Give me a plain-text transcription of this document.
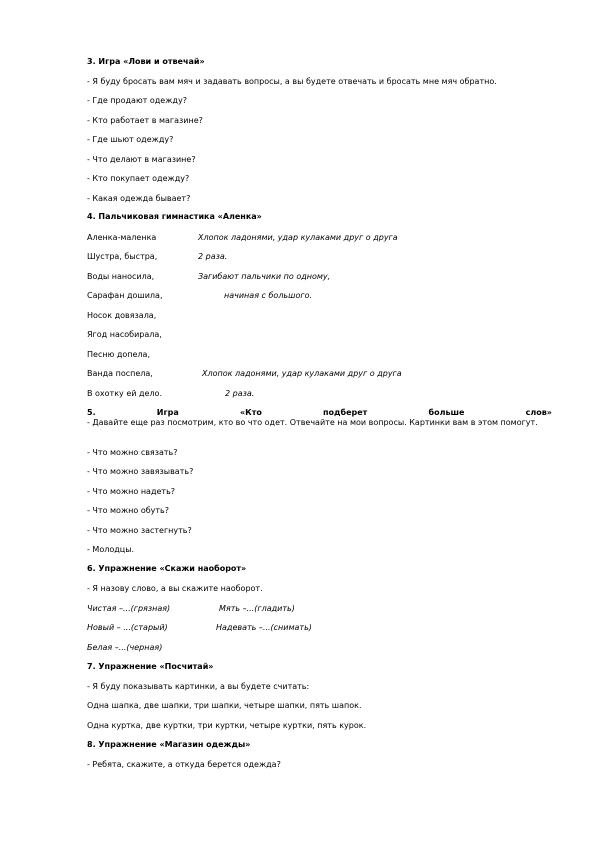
3. Игра «Лови и отвечай»
- Я буду бросать вам мяч и задавать вопросы, а вы будете отвечать и бросать мне мяч обратно.
- Где продают одежду?
- Кто работает в магазине?
- Где шьют одежду?
- Что делают в магазине?
- Кто покупает одежду?
- Какая одежда бывает?
4. Пальчиковая гимнастика «Аленка»
Аленка-маленка	Хлопок ладонями, удар кулаками друг о друга
Шустра, быстра,	2 раза.
Воды наносила,	Загибают пальчики по одному,
Сарафан дошила,	начиная с большого.
Носок довязала,
Ягод насобирала,
Песню допела,
Ванда поспела,	Хлопок ладонями, удар кулаками друг о друга
В охотку ей дело.	2 раза.
5.	Игра	«Кто	подберет	больше	слов»
- Давайте еще раз посмотрим, кто во что одет. Отвечайте на мои вопросы. Картинки вам в этом помогут.
- Что можно связать?
- Что можно завязывать?
- Что можно надеть?
- Что можно обуть?
- Что можно застегнуть?
- Молодцы.
6. Упражнение «Скажи наоборот»
- Я назову слово, а вы скажите наоборот.
Чистая –...(грязная)	Мять –...(гладить)
Новый – ...(старый)	Надевать –...(снимать)
Белая –...(черная)
7. Упражнение «Посчитай»
- Я буду показывать картинки, а вы будете считать:
Одна шапка, две шапки, три шапки, четыре шапки, пять шапок.
Одна куртка, две куртки, три куртки, четыре куртки, пять курок.
8. Упражнение «Магазин одежды»
- Ребята, скажите, а откуда берется одежда?
